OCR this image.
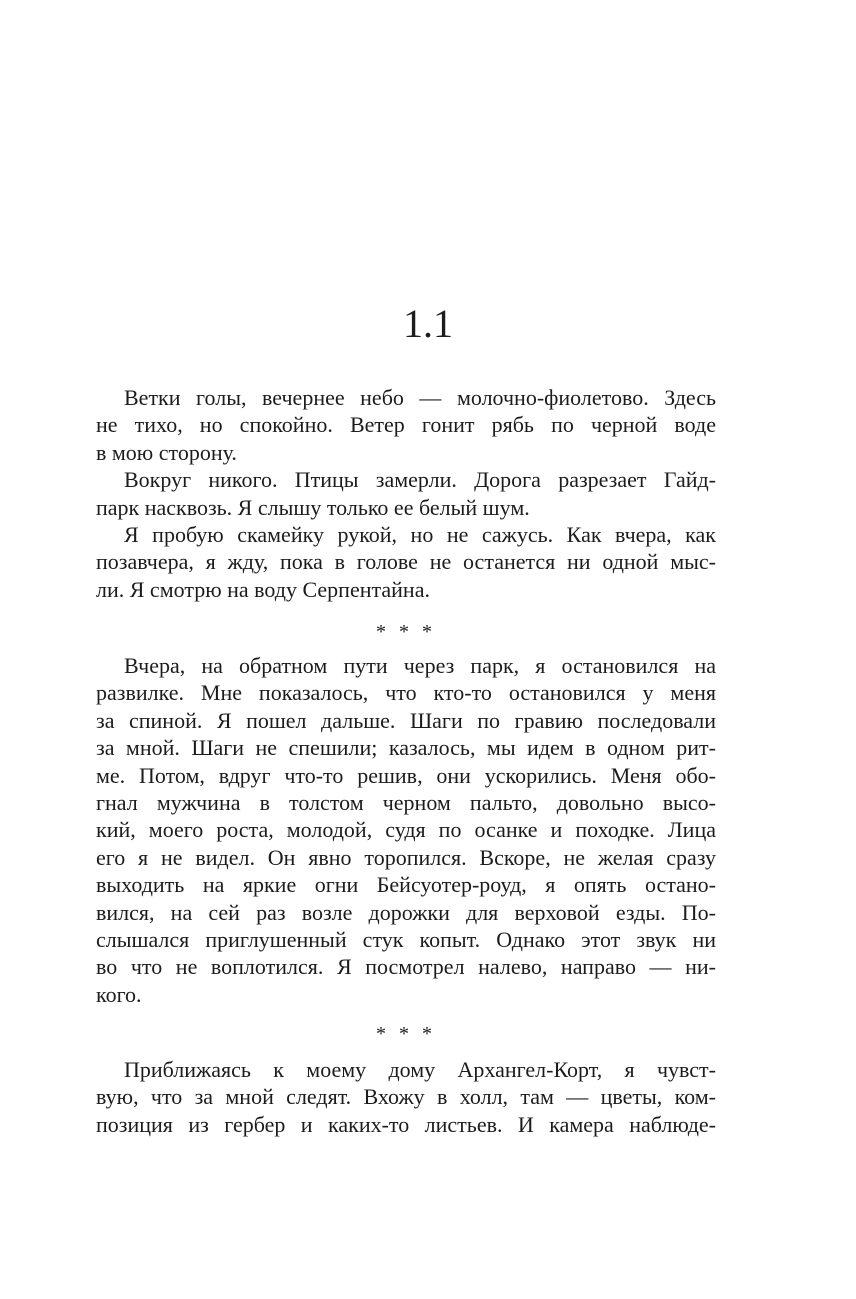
1.1
Ветки голы, вечернее небо — молочно-фиолетово. Здесь
не тихо, но спокойно. Ветер гонит рябь по черной воде
в мою сторону.
Вокруг никого. Птицы замерли. Дорога разрезает Гайд-
парк насквозь. Я слышу только ее белый шум.
Я пробую скамейку рукой, но не сажусь. Как вчера, как
позавчера, я жду, пока в голове не останется ни одной мыс-
ли. Я смотрю на воду Серпентайна.
* * *
Вчера, на обратном пути через парк, я остановился на
развилке. Мне показалось, что кто-то остановился у меня
за спиной. Я пошел дальше. Шаги по гравию последовали
за мной. Шаги не спешили; казалось, мы идем в одном рит-
ме. Потом, вдруг что-то решив, они ускорились. Меня обо-
гнал мужчина в толстом черном пальто, довольно высо-
кий, моего роста, молодой, судя по осанке и походке. Лица
его я не видел. Он явно торопился. Вскоре, не желая сразу
выходить на яркие огни Бейсуотер-роуд, я опять остано-
вился, на сей раз возле дорожки для верховой езды. По-
слышался приглушенный стук копыт. Однако этот звук ни
во что не воплотился. Я посмотрел налево, направо — ни-
кого.
* * *
Приближаясь к моему дому Архангел-Корт, я чувст-
вую, что за мной следят. Вхожу в холл, там — цветы, ком-
позиция из гербер и каких-то листьев. И камера наблюде-
